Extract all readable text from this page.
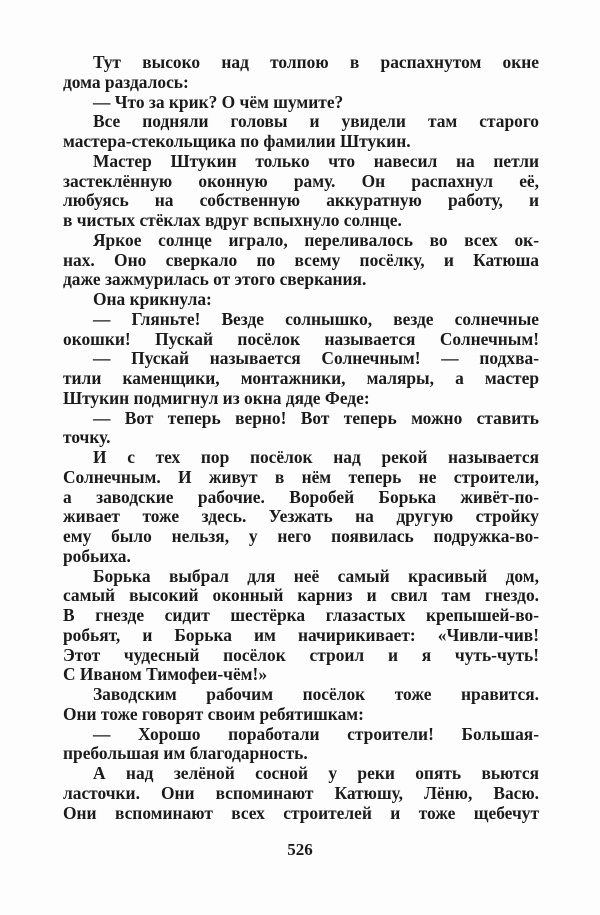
Тут высоко над толпою в распахнутом окне
дома раздалось:
— Что за крик? О чём шумите?
Все подняли головы и увидели там старого
мастера-стекольщика по фамилии Штукин.
Мастер Штукин только что навесил на петли
застеклённую оконную раму. Он распахнул её,
любуясь на собственную аккуратную работу, и
в чистых стёклах вдруг вспыхнуло солнце.
Яркое солнце играло, переливалось во всех ок-
нах. Оно сверкало по всему посёлку, и Катюша
даже зажмурилась от этого сверкания.
Она крикнула:
— Гляньте! Везде солнышко, везде солнечные
окошки! Пускай посёлок называется Солнечным!
— Пускай называется Солнечным! — подхва-
тили каменщики, монтажники, маляры, а мастер
Штукин подмигнул из окна дяде Феде:
— Вот теперь верно! Вот теперь можно ставить
точку.
И с тех пор посёлок над рекой называется
Солнечным. И живут в нём теперь не строители,
а заводские рабочие. Воробей Борька живёт-по-
живает тоже здесь. Уезжать на другую стройку
ему было нельзя, у него появилась подружка-во-
робьиха.
Борька выбрал для неё самый красивый дом,
самый высокий оконный карниз и свил там гнездо.
В гнезде сидит шестёрка глазастых крепышей-во-
робьят, и Борька им начирикивает: «Чивли-чив!
Этот чудесный посёлок строил и я чуть-чуть!
С Иваном Тимофеи-чём!»
Заводским рабочим посёлок тоже нравится.
Они тоже говорят своим ребятишкам:
— Хорошо поработали строители! Большая-
пребольшая им благодарность.
А над зелёной сосной у реки опять вьются
ласточки. Они вспоминают Катюшу, Лёню, Васю.
Они вспоминают всех строителей и тоже щебечут
526
